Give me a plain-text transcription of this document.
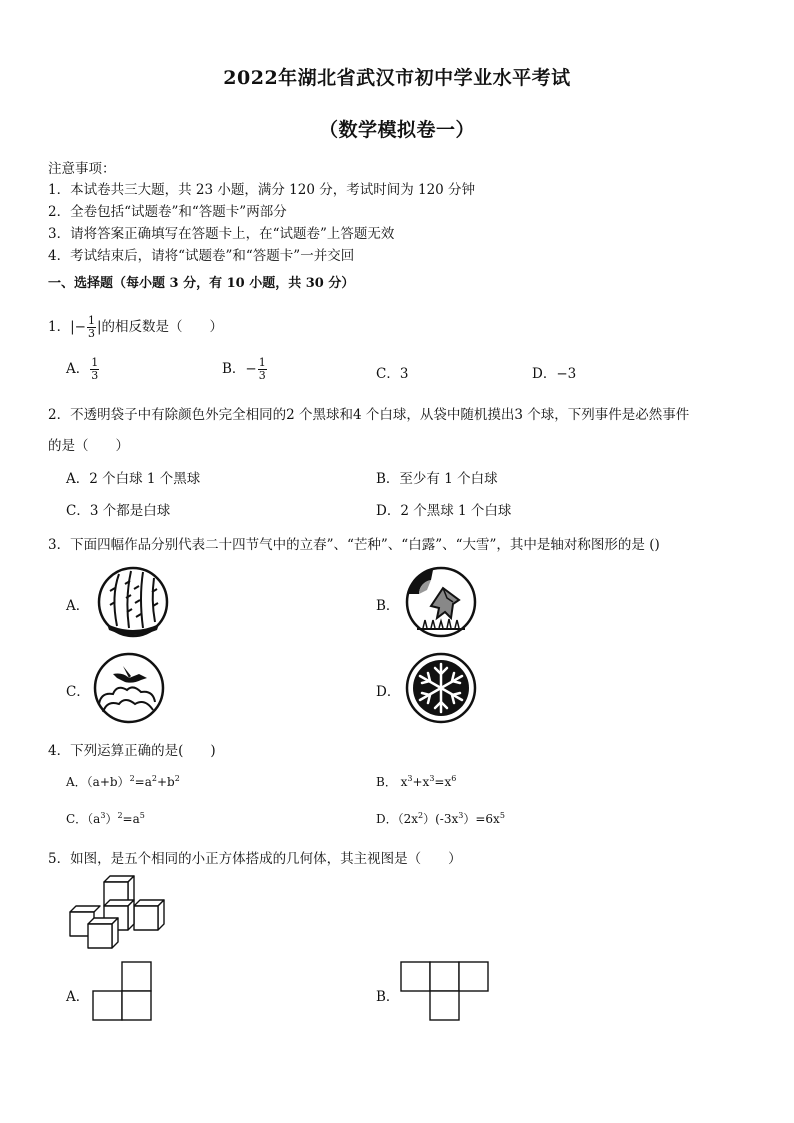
2022年湖北省武汉市初中学业水平考试
（数学模拟卷一）
注意事项：
1．本试卷共三大题，共 23 小题，满分 120 分，考试时间为 120 分钟
2．全卷包括“试题卷”和“答题卡”两部分
3．请将答案正确填写在答题卡上，在“试题卷”上答题无效
4．考试结束后，请将“试题卷”和“答题卡”一并交回
一、选择题（每小题 3 分，有 10 小题，共 30 分）
1．|− $\frac{1}{3}$ |的相反数是（　　）
A． $\frac{1}{3}$	B．− $\frac{1}{3}$	C．3	D．−3
2．不透明袋子中有除颜色外完全相同的2 个黑球和4 个白球，从袋中随机摸出3 个球，下列事件是必然事件
的是（　　）
A．2 个白球 1 个黑球	B．至少有 1 个白球
C．3 个都是白球	D．2 个黑球 1 个白球
3．下面四幅作品分别代表二十四节气中的立春”、“芒种”、“白露”、“大雪”，其中是轴对称图形的是 ()
A．	B．
C．	D．
4．下列运算正确的是(　　)
A．$(a+b)^2=a^2+b^2$	B． $x^3+x^3=x^6$
C．$(a^3)^2=a^5$	D．$(2x^2)(-3x^3)=6x^5$
5．如图，是五个相同的小正方体搭成的几何体，其主视图是（　　）
A．	B．
